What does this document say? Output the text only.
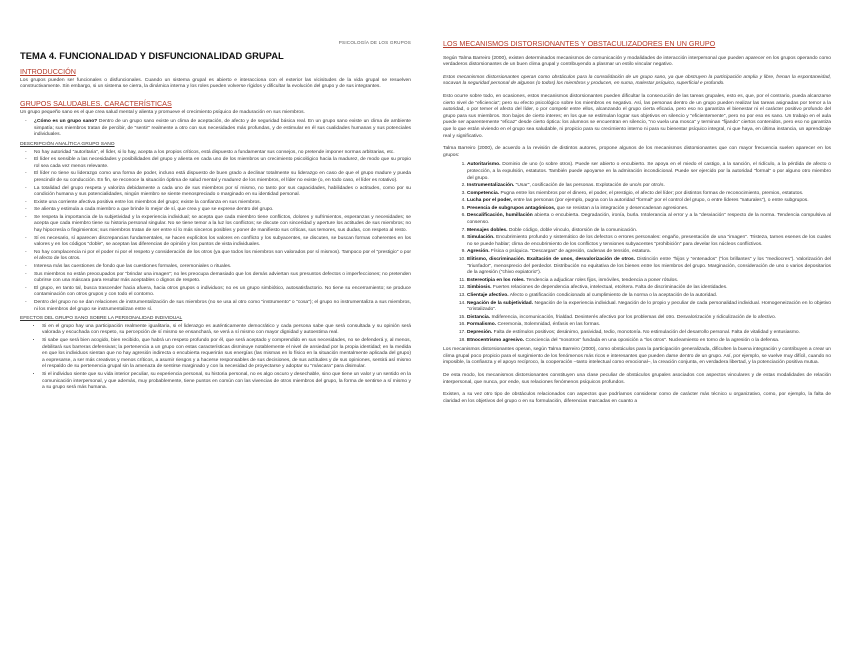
PSICOLOGÍA DE LOS GRUPOS
TEMA 4. FUNCIONALIDAD Y DISFUNCIONALIDAD GRUPAL
INTRODUCCIÓN

Los grupos pueden ser funcionales o disfuncionales. Cuando un sistema grupal es abierto e interacciona con el exterior las vicisitudes de la vida grupal se resuelven constructivamente. Sin embargo, si un sistema se cierra, la dinámica interna y los roles pueden volverse rígidos y dificultar la evolución del grupo y de sus integrantes.

GRUPOS SALUDABLES. CARACTERÍSTICAS

Un grupo pequeño sano es el que crea salud mental y alienta y promueve el crecimiento psíquico de maduración en sus miembros.

- ¿Cómo es un grupo sano? Dentro de un grupo sano existe un clima de aceptación, de afecto y de seguridad básica real. En un grupo sano existe un clima de ambiente simpatía; sus miembros tratan de percibir, de "sentir" realmente a otro con sus necesidades más profundas, y de estimular en él sus cualidades humanas y sus potenciales individuales.
DESCRIPCIÓN ANALÍTICA GRUPO SANO
- No hay autoridad "autoritaria", el líder, si lo hay, acepta a los propios críticos, está dispuesto a fundamentar sus consejos, no pretende imponer normas arbitrarias, etc.
- El líder es sensible a las necesidades y posibilidades del grupo y alienta en cada uno de los miembros un crecimiento psicológico hacia la madurez, de modo que su propio rol sea cada vez menos relevante.
- El líder no tiene su liderazgo como una forma de poder, incluso está dispuesto de buen grado a declinar totalmente su liderazgo en caso de que el grupo madure y pueda prescindir de su conducción. En fin, se reconoce la situación óptima de salud mental y madurez de los miembros, el líder no existe (o, en todo caso, el líder es rotativo).
- La totalidad del grupo respeta y valoriza debidamente a cada uno de sus miembros por sí mismo, no tanto por sus capacidades, habilidades o actitudes, como por su condición humana y sus potencialidades, ningún miembro se siente menospreciado o marginado en su identidad personal.
- Existe una corriente afectiva positiva entre los miembros del grupo; existe la confianza en sus miembros.
- Se alienta y estimula a cada miembro a que brinde lo mejor de sí, que crea y que se exprese dentro del grupo.
- Se respeta la importancia de la subjetividad y la experiencia individual; se acepta que cada miembro tiene conflictos, dolores y sufrimientos, esperanzas y necesidades; se acepta que cada miembro tiene su historia personal singular. No se tiene temor a la luz los conflictos; se discute con sinceridad y aperture los actitudes de sus miembros; no hay hipocresía o fingimientos; sus miembros tratan de ser entre sí lo más sinceros posibles y poner de manifiesto sus críticas, sus temores, sus dudas, con respeto al resto.
- Sí es necesario, sí aparecen discrepancias fundamentales, se hacen explícitos los valores en conflicto y los subyacentes, se discuten, se buscan formas coherentes en los valores y en los códigos "doble", se aceptan las diferencias de opinión y los puntos de vista individuales.
- No hay complacencia ni por el poder ni por el respeto y consideración de los otros (ya que todos los miembros son valorados por sí mismos). Tampoco por el "prestigio" o por el afecto de los otros.
- Interesa más las cuestiones de fondo que las cuestiones formales, ceremoniales o rituales.
- Sus miembros no están preocupados por "brindar una imagen"; no les preocupa demasiado que los demás adviertan sus presuntos defectos o imperfecciones; no pretenden cubrirse con una máscara para resultar más aceptables o dignos de respeto.
- El grupo, en tanto tal, busca trascender hacia afuera, hacia otros grupos o individuos; no es un grupo simbiótico, autosatisfactorio. No tiene su encerramiento; se produce contaminación con otros grupos y con todo el contorno.
- Dentro del grupo no se dan relaciones de instrumentalización de sus miembros (no se usa al otro como "instrumento" o "cosa"); el grupo no instrumentaliza a sus miembros, ni los miembros del grupo se instrumentalizan entre sí.
EFECTOS DEL GRUPO SANO SOBRE LA PERSONALIDAD INDIVIDUAL
• Si en el grupo hay una participación realmente igualitaria, si el liderazgo es auténticamente democrático y cada persona sabe que será consultada y su opinión será valorada y escuchada con respeto, su percepción de sí mismo se ensanchará, se verá a sí mismo con mayor dignidad y autoestima real.
• Si sabe que será bien acogido, bien recibido, que habrá un respeto profundo por él, que será aceptado y comprendido en sus necesidades, no se defenderá y, al menos, debilitará sus barreras defensivas; la pertenencia a un grupo con estas características disminuye notablemente el nivel de ansiedad por la propia identidad; en la medida en que los individuos sientan que no hay agresión indirecta o encubierta requerirán sus energías (las mismas en lo físico en la situación mentalmente aplicada del grupo) a expresarse, a ser más creativos y menos críticos, a asumir riesgos y a hacerse responsables de sus decisiones, de sus actitudes y de sus opiniones, sentirá así mismo el respaldo de su pertenencia grupal sin la amenaza de sentirse marginado y con la necesidad de proyectarse y adoptar su "máscara" para disimular.
• Si el individuo siente que su vida interior peculiar, su experiencia personal, su historia personal, no es algo oscuro y desechable, sino que tiene un valor y un sentido en la comunicación interpersonal, y que además, muy probablemente, tiene puntos en común con las vivencias de otros miembros del grupo, la forma de sentirse a sí mismo y a su grupo será más humana.
LOS MECANISMOS DISTORSIONANTES Y OBSTACULIZADORES EN UN GRUPO

Según Talma Barreiro (2000), existen determinados mecanismos de comunicación y modalidades de interacción interpersonal que pueden aparecer en los grupos operando como verdaderos distorsionantes de un buen clima grupal y contribuyendo a plasmar un estilo vincular negativo.

Estos mecanismos distorsionantes operan como obstáculos para la consolidación de un grupo sano, ya que obstruyen la participación amplia y libre, frenan la espontaneidad, socavan la seguridad personal de algunos (o todos) los miembros y producen, en suma, malestar psíquico, superficial e profundo.

Esto ocurre sobre todo, en ocasiones, estos mecanismos distorsionantes pueden dificultar la consecución de las tareas grupales, esto es, que, por el contrario, pueda alcanzarse cierto nivel de "eficiencia"; pero su efecto psicológico sobre los miembros es negativo. Así, las personas dentro de un grupo pueden realizar las tareas asignadas por temor a la autoridad, o por temer el afecto del líder, o por competir entre ellos, alcanzando el grupo cierta eficacia, pero eso no garantiza el bienestar ni el carácter positivo profundo del grupo para sus miembros. Son bajos de cierto interes; en los que se estimulan lograr sus objetivos en silencio y "eficientemente", pero no por eso es sano. Un trabajo en el aula puede ser aparentemente "eficaz" desde cierto óptica: los alumnos se encuentran en silencio, "no vuela una mosca" y terminan "fijando" ciertos contenidos, pero eso no garantiza que lo que están viviendo en el grupo sea saludable, ni propicio para su crecimiento interno ni para su bienestar psíquico integral, ni que haya, en última instancia, un aprendizaje real y significativo.

Talma Barreiro (2000), de acuerdo a la revisión de distintos autores, propone algunos de los mecanismos distorsionantes que con mayor frecuencia suelen aparecer en los grupos:

1. Autoritarismo. Dominio de uno (o sobre otros). Puede ser abierto o encubierto. Se apoya en el miedo el castigo, a la sanción, el ridículo, a la pérdida de afecto o protección, a la expulsión, estatutos. También puede apoyarse en la admiración incondicional. Puede ser ejercido por la autoridad "formal" o por alguno otro miembro del grupo.
2. Instrumentalización. "Usar", cosificación de las personas. Explotación de uno/s por otro/s.
3. Competencia. Pugna entre los miembros por el dinero, el poder, el prestigio, el afecto del líder; por distintos formas de reconocimiento, premios, estatutos.
4. Lucha por el poder, entre las personas (por ejemplo, pugna con la autoridad "formal" por el control del grupo, o entre líderes "naturales"), o entre subgrupos.
5. Presencia de subgrupos antagónicos, que se resistan a la integración y desencadenan agresiones.
6. Descalificación, humillación abierta o encubierta. Degradación, ironía, burla. Intolerancia al error y a la "desviación" respecto de la norma. Tendencia compulsiva al consenso.
7. Mensajes dobles. Doble código, doble vínculo, distorsión de la comunicación.
8. Simulación. Encubrimiento profundo y sistemático de los defectos o errores personales: engaño, presentación de una "imagen". Tristeza, tarnes esenes de los cuales no se puede hablar; clima de encubrimiento de los conflictos y tensiones subyacentes "prohibición" para develar los núcleos conflictivos.
9. Agresión. Física o psíquica. "Descargas" de agresión, cadenas de tensión, estatura.
10. Elitismo, discriminación. Exaltación de unos, desvalorización de otros. Distinción entre "hijos y "entenados" ("los brillantes" y los "mediocres"). Valorización del "triunfador", menosprecio del perdedor. Distribución no equitativa de los bienes entre los miembros del grupo. Marginación, consideración de uno o varios depositarios de la agresión ("chivo expiatorio").
11. Estereotipia en los roles. Tendencia a adjudicar roles fijos, inmóviles, tendencia a poner rótulos.
12. Simbiosis. Fuertes relaciones de dependencia afectiva, intelectual, etcétera. Falta de discriminación de las identidades.
13. Clientaje afectivo. Afecto o gratificación condicionado al cumplimiento de la norma o la aceptación de la autoridad.
14. Negación de la subjetividad. Negación de la experiencia individual. Negación de lo propio y peculiar de cada personalidad individual. Homogeneización en lo objetivo "cristalizado".
15. Distancia. Indiferencia, incomunicación, frialdad. Desinterés afectivo por los problemas del otro. Desvalorización y ridiculización de lo afectivo.
16. Formalismo. Ceremonia, Solemnidad, énfasis en las formas.
17. Depresión. Falta de estímulos positivos; desánimo, pasividad, tedio, monotonía. No estimulación del desarrollo personal. Falta de vitalidad y entusiasmo.
18. Etnocentrismo agresivo. Conciencia del "nosotros" fundada en una oposición a "los otros". Nucleamiento en torno de la agresión o la defensa.

Los mecanismos distorsionantes operan, según Talma Barreiro (2000), como obstáculos para la participación generalizada, dificulten la buena integración y contribuyen a crear un clima grupal poco propicio para el surgimiento de los fenómenos más ricos e interesantes que pueden darse dentro de un grupo. Así, por ejemplo, se vuelve muy difícil, cuando no imposible, la confianza y el apoyo recíproco, la cooperación –tanto intelectual como emocional–, la creación conjunta, en verdadera libertad, y la potenciación positiva mutua.

De esta modo, los mecanismos distorsionantes constituyen una clase peculiar de obstáculos grupales asociados con aspectos vinculares y de estas modalidades de relación interpersonal, que nunca, por ende, sus relaciones fenómenos psíquicos profundos.

Existen, a su vez otro tipo de obstáculos relacionados con aspectos que podríamos considerar como de carácter más técnico u organizativo, como, por ejemplo, la falta de claridad en los objetivos del grupo o en su formulación, diferencias marcadas en cuanto a
